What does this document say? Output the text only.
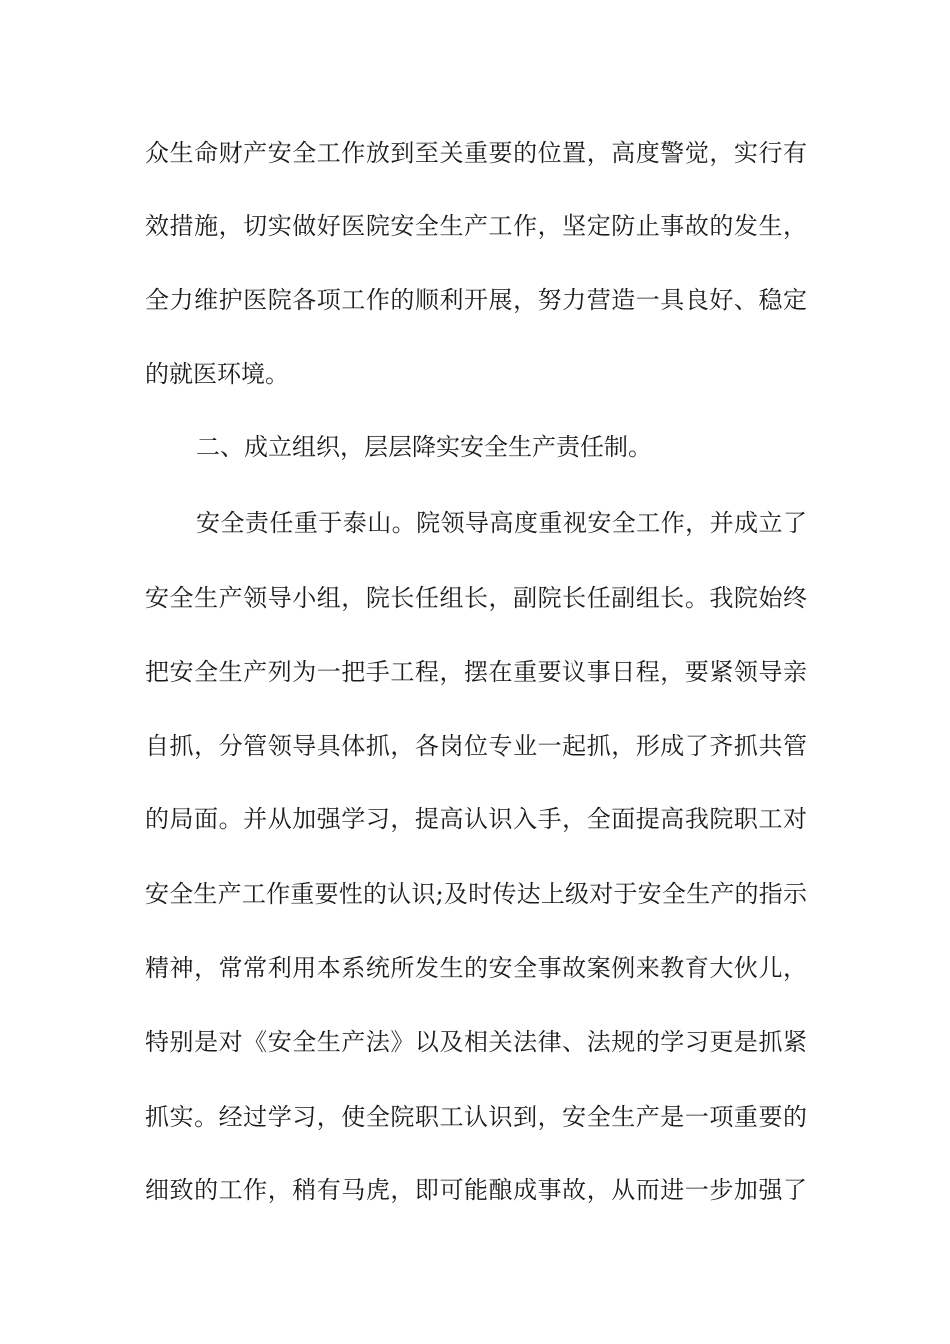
众生命财产安全工作放到至关重要的位置，高度警觉，实行有
效措施，切实做好医院安全生产工作，坚定防止事故的发生，
全力维护医院各项工作的顺利开展，努力营造一具良好、稳定
的就医环境。
二、成立组织，层层降实安全生产责任制。
安全责任重于泰山。院领导高度重视安全工作，并成立了
安全生产领导小组，院长任组长，副院长任副组长。我院始终
把安全生产列为一把手工程，摆在重要议事日程，要紧领导亲
自抓，分管领导具体抓，各岗位专业一起抓，形成了齐抓共管
的局面。并从加强学习，提高认识入手，全面提高我院职工对
安全生产工作重要性的认识;及时传达上级对于安全生产的指示
精神，常常利用本系统所发生的安全事故案例来教育大伙儿，
特别是对《安全生产法》以及相关法律、法规的学习更是抓紧
抓实。经过学习，使全院职工认识到，安全生产是一项重要的
细致的工作，稍有马虎，即可能酿成事故，从而进一步加强了
